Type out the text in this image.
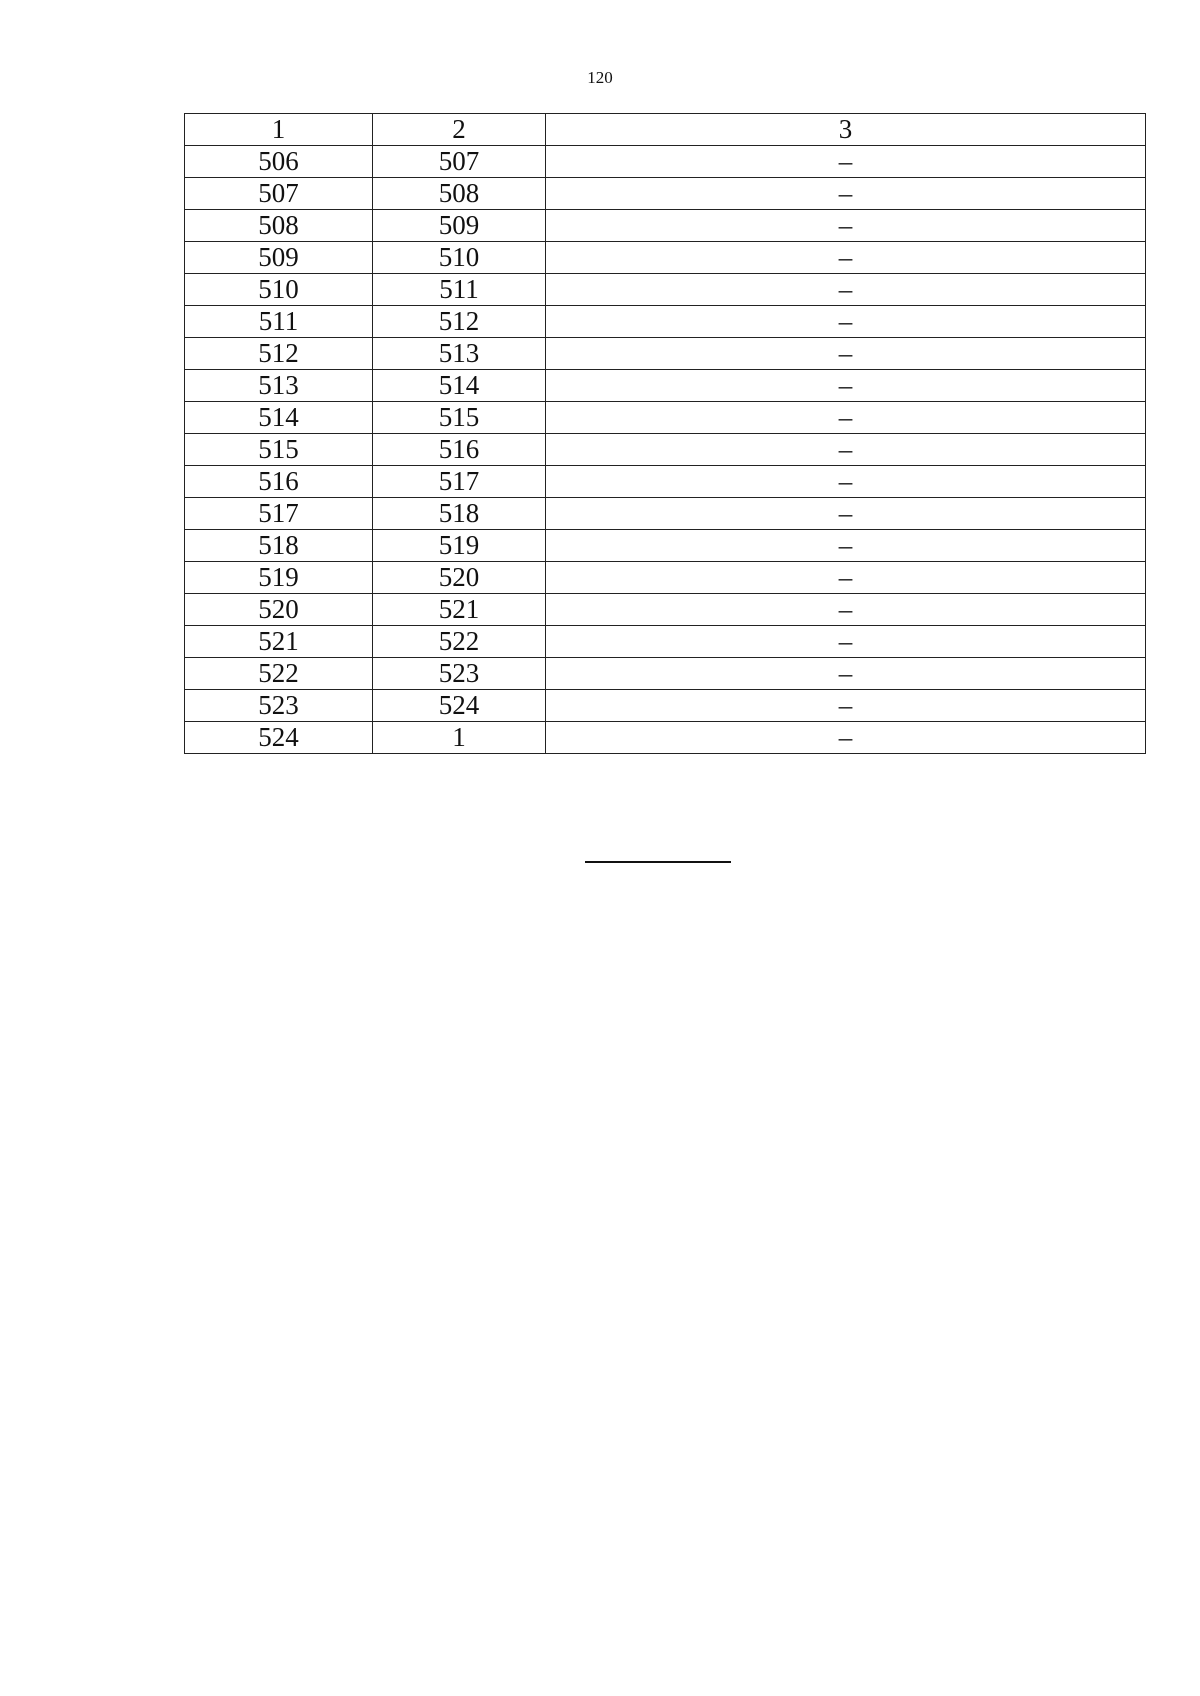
120
1	2	3
506	507	–
507	508	–
508	509	–
509	510	–
510	511	–
511	512	–
512	513	–
513	514	–
514	515	–
515	516	–
516	517	–
517	518	–
518	519	–
519	520	–
520	521	–
521	522	–
522	523	–
523	524	–
524	1	–
